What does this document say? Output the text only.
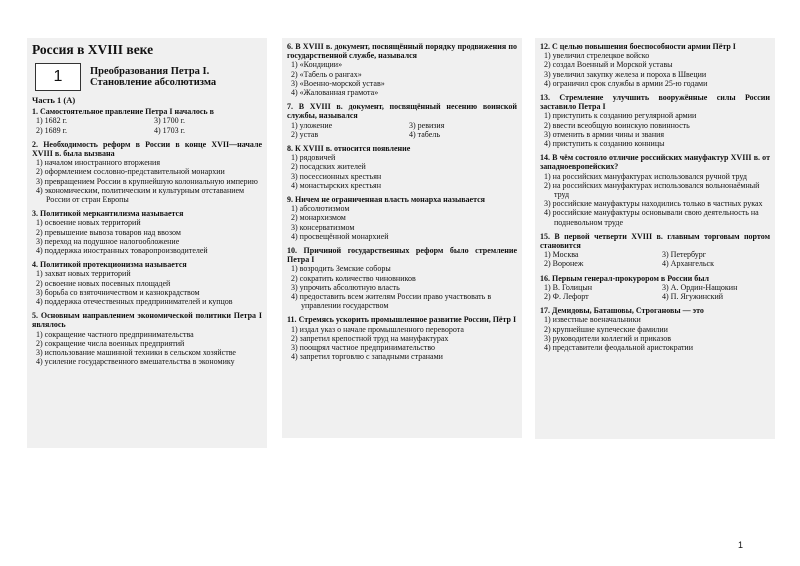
Россия в XVIII веке
1	Преобразования Петра I.
Становление абсолютизма
Часть 1 (А)
1. Самостоятельное правление Петра I началось в
1) 1682 г.	3) 1700 г.
2) 1689 г.	4) 1703 г.
2. Необходимость реформ в России в конце XVII—начале XVIII в. была вызвана
1) началом иностранного вторжения
2) оформлением сословно-представительной монархии
3) превращением России в крупнейшую колониальную империю
4) экономическим, политическим и культурным отставанием России от стран Европы
3. Политикой меркантилизма называется
1) освоение новых территорий
2) превышение вывоза товаров над ввозом
3) переход на подушное налогообложение
4) поддержка иностранных товаропроизводителей
4. Политикой протекционизма называется
1) захват новых территорий
2) освоение новых посевных площадей
3) борьба со взяточничеством и казнокрадством
4) поддержка отечественных предпринимателей и купцов
5. Основным направлением экономической политики Петра I являлось
1) сокращение частного предпринимательства
2) сокращение числа военных предприятий
3) использование машинной техники в сельском хозяйстве
4) усиление государственного вмешательства в экономику
6. В XVIII в. документ, посвящённый порядку продвижения по государственной службе, назывался
1) «Кондиции»
2) «Табель о рангах»
3) «Военно-морской устав»
4) «Жалованная грамота»
7. В XVIII в. документ, посвящённый несению воинской службы, назывался
1) уложение	3) ревизия
2) устав	4) табель
8. К XVIII в. относится появление
1) рядовичей
2) посадских жителей
3) посессионных крестьян
4) монастырских крестьян
9. Ничем не ограниченная власть монарха называется
1) абсолютизмом
2) монархизмом
3) консерватизмом
4) просвещённой монархией
10. Причиной государственных реформ было стремление Петра I
1) возродить Земские соборы
2) сократить количество чиновников
3) упрочить абсолютную власть
4) предоставить всем жителям России право участвовать в управлении государством
11. Стремясь ускорить промышленное развитие России, Пётр I
1) издал указ о начале промышленного переворота
2) запретил крепостной труд на мануфактурах
3) поощрял частное предпринимательство
4) запретил торговлю с западными странами
12. С целью повышения боеспособности армии Пётр I
1) увеличил стрелецкое войско
2) создал Военный и Морской уставы
3) увеличил закупку железа и пороха в Швеции
4) ограничил срок службы в армии 25-ю годами
13. Стремление улучшить вооружённые силы России заставило Петра I
1) приступить к созданию регулярной армии
2) ввести всеобщую воинскую повинность
3) отменить в армии чины и звания
4) приступить к созданию конницы
14. В чём состояло отличие российских мануфактур XVIII в. от западноевропейских?
1) на российских мануфактурах использовался ручной труд
2) на российских мануфактурах использовался вольнонаёмный труд
3) российские мануфактуры находились только в частных руках
4) российские мануфактуры основывали свою деятельность на подневольном труде
15. В первой четверти XVIII в. главным торговым портом становится
1) Москва	3) Петербург
2) Воронеж	4) Архангельск
16. Первым генерал-прокурором в России был
1) В. Голицын	3) А. Ордин-Нащокин
2) Ф. Лефорт	4) П. Ягужинский
17. Демидовы, Баташовы, Строгановы — это
1) известные военачальники
2) крупнейшие купеческие фамилии
3) руководители коллегий и приказов
4) представители феодальной аристократии
1
